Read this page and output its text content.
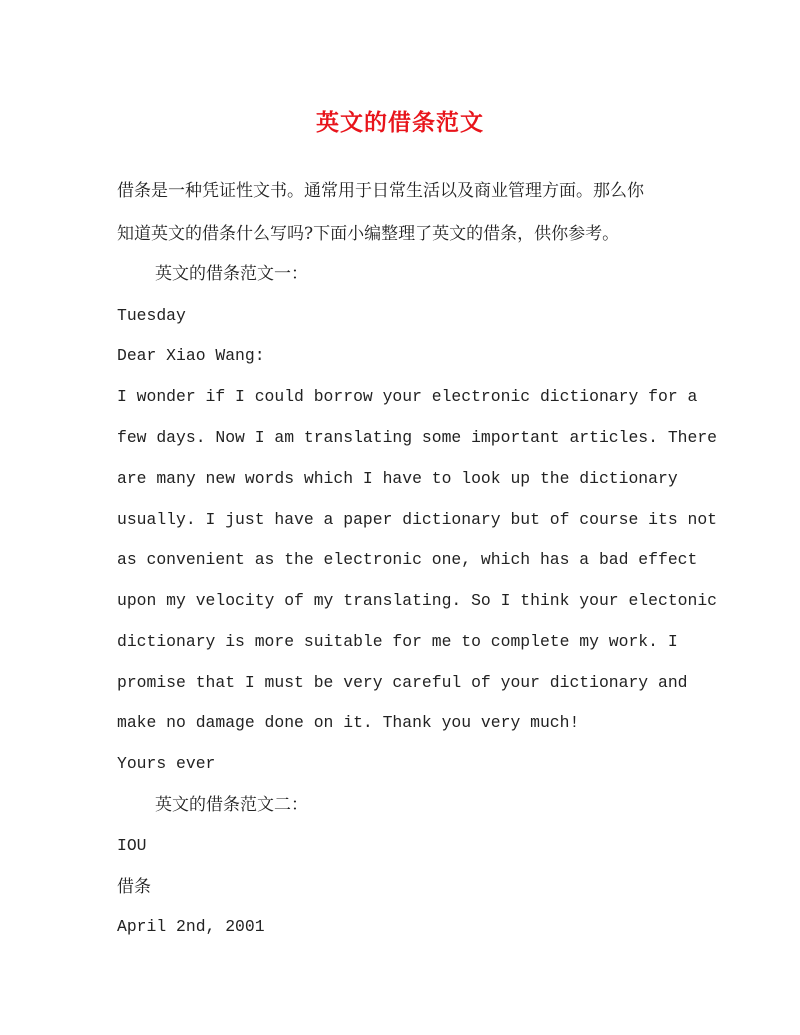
英文的借条范文
借条是一种凭证性文书。通常用于日常生活以及商业管理方面。那么你
知道英文的借条什么写吗?下面小编整理了英文的借条，供你参考。
英文的借条范文一：
Tuesday
Dear Xiao Wang:
I wonder if I could borrow your electronic dictionary for a
few days. Now I am translating some important articles. There
are many new words which I have to look up the dictionary
usually. I just have a paper dictionary but of course its not
as convenient as the electronic one, which has a bad effect
upon my velocity of my translating. So I think your electonic
dictionary is more suitable for me to complete my work. I
promise that I must be very careful of your dictionary and
make no damage done on it. Thank you very much!
Yours ever
英文的借条范文二：
IOU
借条
April 2nd, 2001
